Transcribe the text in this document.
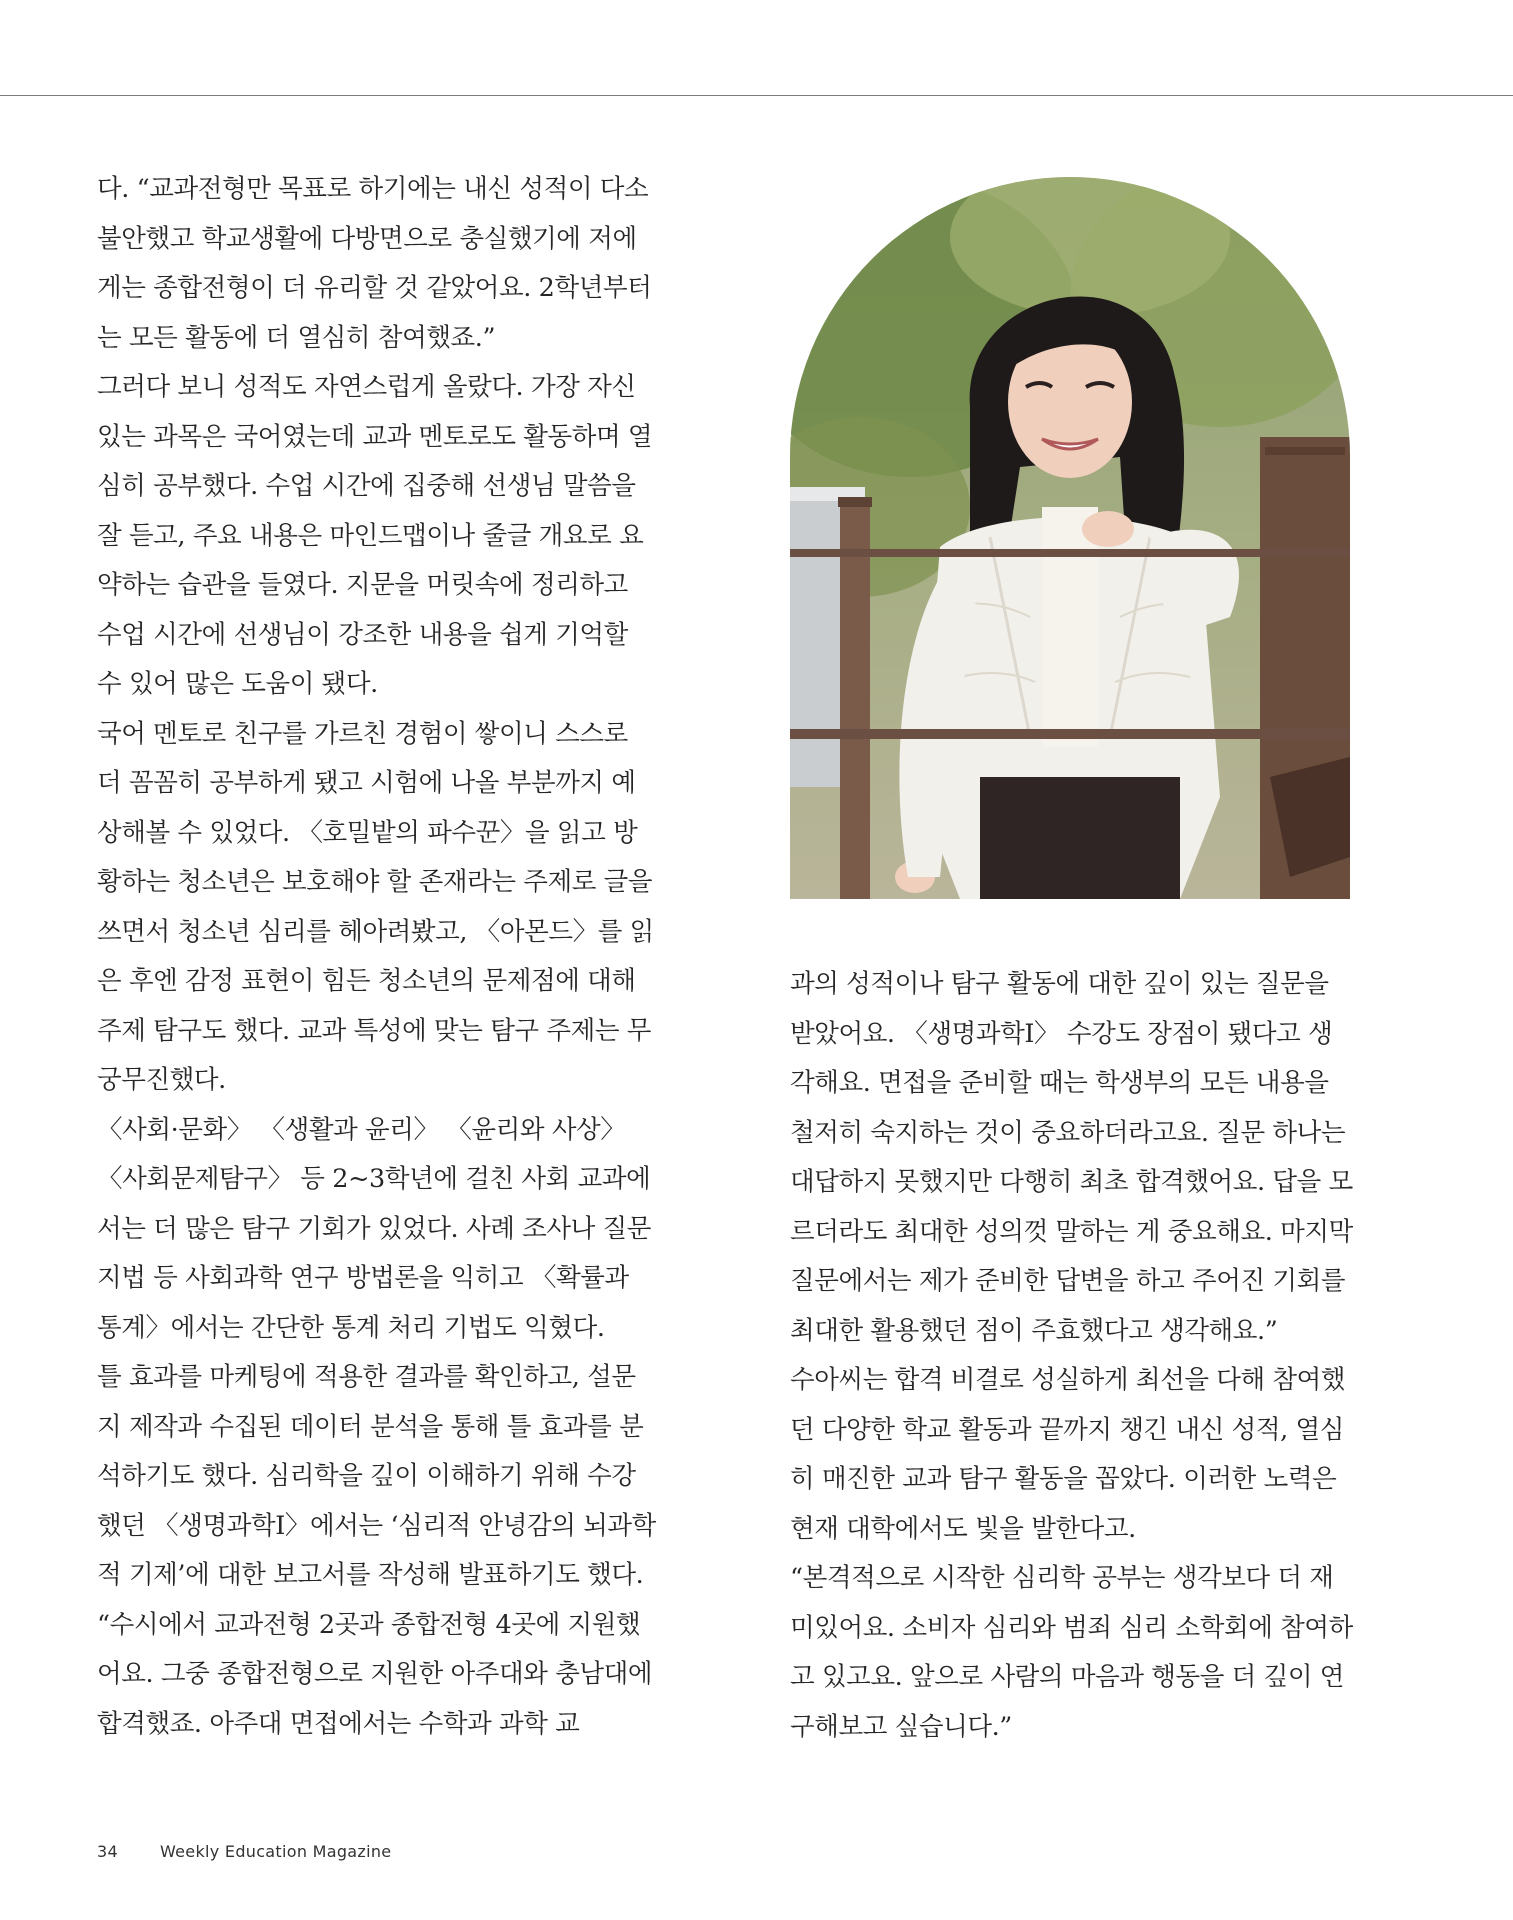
다. “교과전형만 목표로 하기에는 내신 성적이 다소 불안했고 학교생활에 다방면으로 충실했기에 저에게는 종합전형이 더 유리할 것 같았어요. 2학년부터는 모든 활동에 더 열심히 참여했죠.”

그러다 보니 성적도 자연스럽게 올랐다. 가장 자신 있는 과목은 국어였는데 교과 멘토로도 활동하며 열심히 공부했다. 수업 시간에 집중해 선생님 말씀을 잘 듣고, 주요 내용은 마인드맵이나 줄글 개요로 요약하는 습관을 들였다. 지문을 머릿속에 정리하고 수업 시간에 선생님이 강조한 내용을 쉽게 기억할 수 있어 많은 도움이 됐다.

국어 멘토로 친구를 가르친 경험이 쌓이니 스스로 더 꼼꼼히 공부하게 됐고 시험에 나올 부분까지 예상해볼 수 있었다. 〈호밀밭의 파수꾼〉을 읽고 방황하는 청소년은 보호해야 할 존재라는 주제로 글을 쓰면서 청소년 심리를 헤아려봤고, 〈아몬드〉를 읽은 후엔 감정 표현이 힘든 청소년의 문제점에 대해 주제 탐구도 했다. 교과 특성에 맞는 탐구 주제는 무궁무진했다.

〈사회·문화〉 〈생활과 윤리〉 〈윤리와 사상〉 〈사회문제탐구〉 등 2~3학년에 걸친 사회 교과에서는 더 많은 탐구 기회가 있었다. 사례 조사나 질문지법 등 사회과학 연구 방법론을 익히고 〈확률과 통계〉에서는 간단한 통계 처리 기법도 익혔다.

틀 효과를 마케팅에 적용한 결과를 확인하고, 설문지 제작과 수집된 데이터 분석을 통해 틀 효과를 분석하기도 했다. 심리학을 깊이 이해하기 위해 수강했던 〈생명과학Ⅰ〉에서는 ‘심리적 안녕감의 뇌과학적 기제’에 대한 보고서를 작성해 발표하기도 했다.

“수시에서 교과전형 2곳과 종합전형 4곳에 지원했어요. 그중 종합전형으로 지원한 아주대와 충남대에 합격했죠. 아주대 면접에서는 수학과 과학 교

과의 성적이나 탐구 활동에 대한 깊이 있는 질문을 받았어요. 〈생명과학Ⅰ〉 수강도 장점이 됐다고 생각해요. 면접을 준비할 때는 학생부의 모든 내용을 철저히 숙지하는 것이 중요하더라고요. 질문 하나는 대답하지 못했지만 다행히 최초 합격했어요. 답을 모르더라도 최대한 성의껏 말하는 게 중요해요. 마지막 질문에서는 제가 준비한 답변을 하고 주어진 기회를 최대한 활용했던 점이 주효했다고 생각해요.”

수아씨는 합격 비결로 성실하게 최선을 다해 참여했던 다양한 학교 활동과 끝까지 챙긴 내신 성적, 열심히 매진한 교과 탐구 활동을 꼽았다. 이러한 노력은 현재 대학에서도 빛을 발한다고.

“본격적으로 시작한 심리학 공부는 생각보다 더 재미있어요. 소비자 심리와 범죄 심리 소학회에 참여하고 있고요. 앞으로 사람의 마음과 행동을 더 깊이 연구해보고 싶습니다.”

34	Weekly Education Magazine
